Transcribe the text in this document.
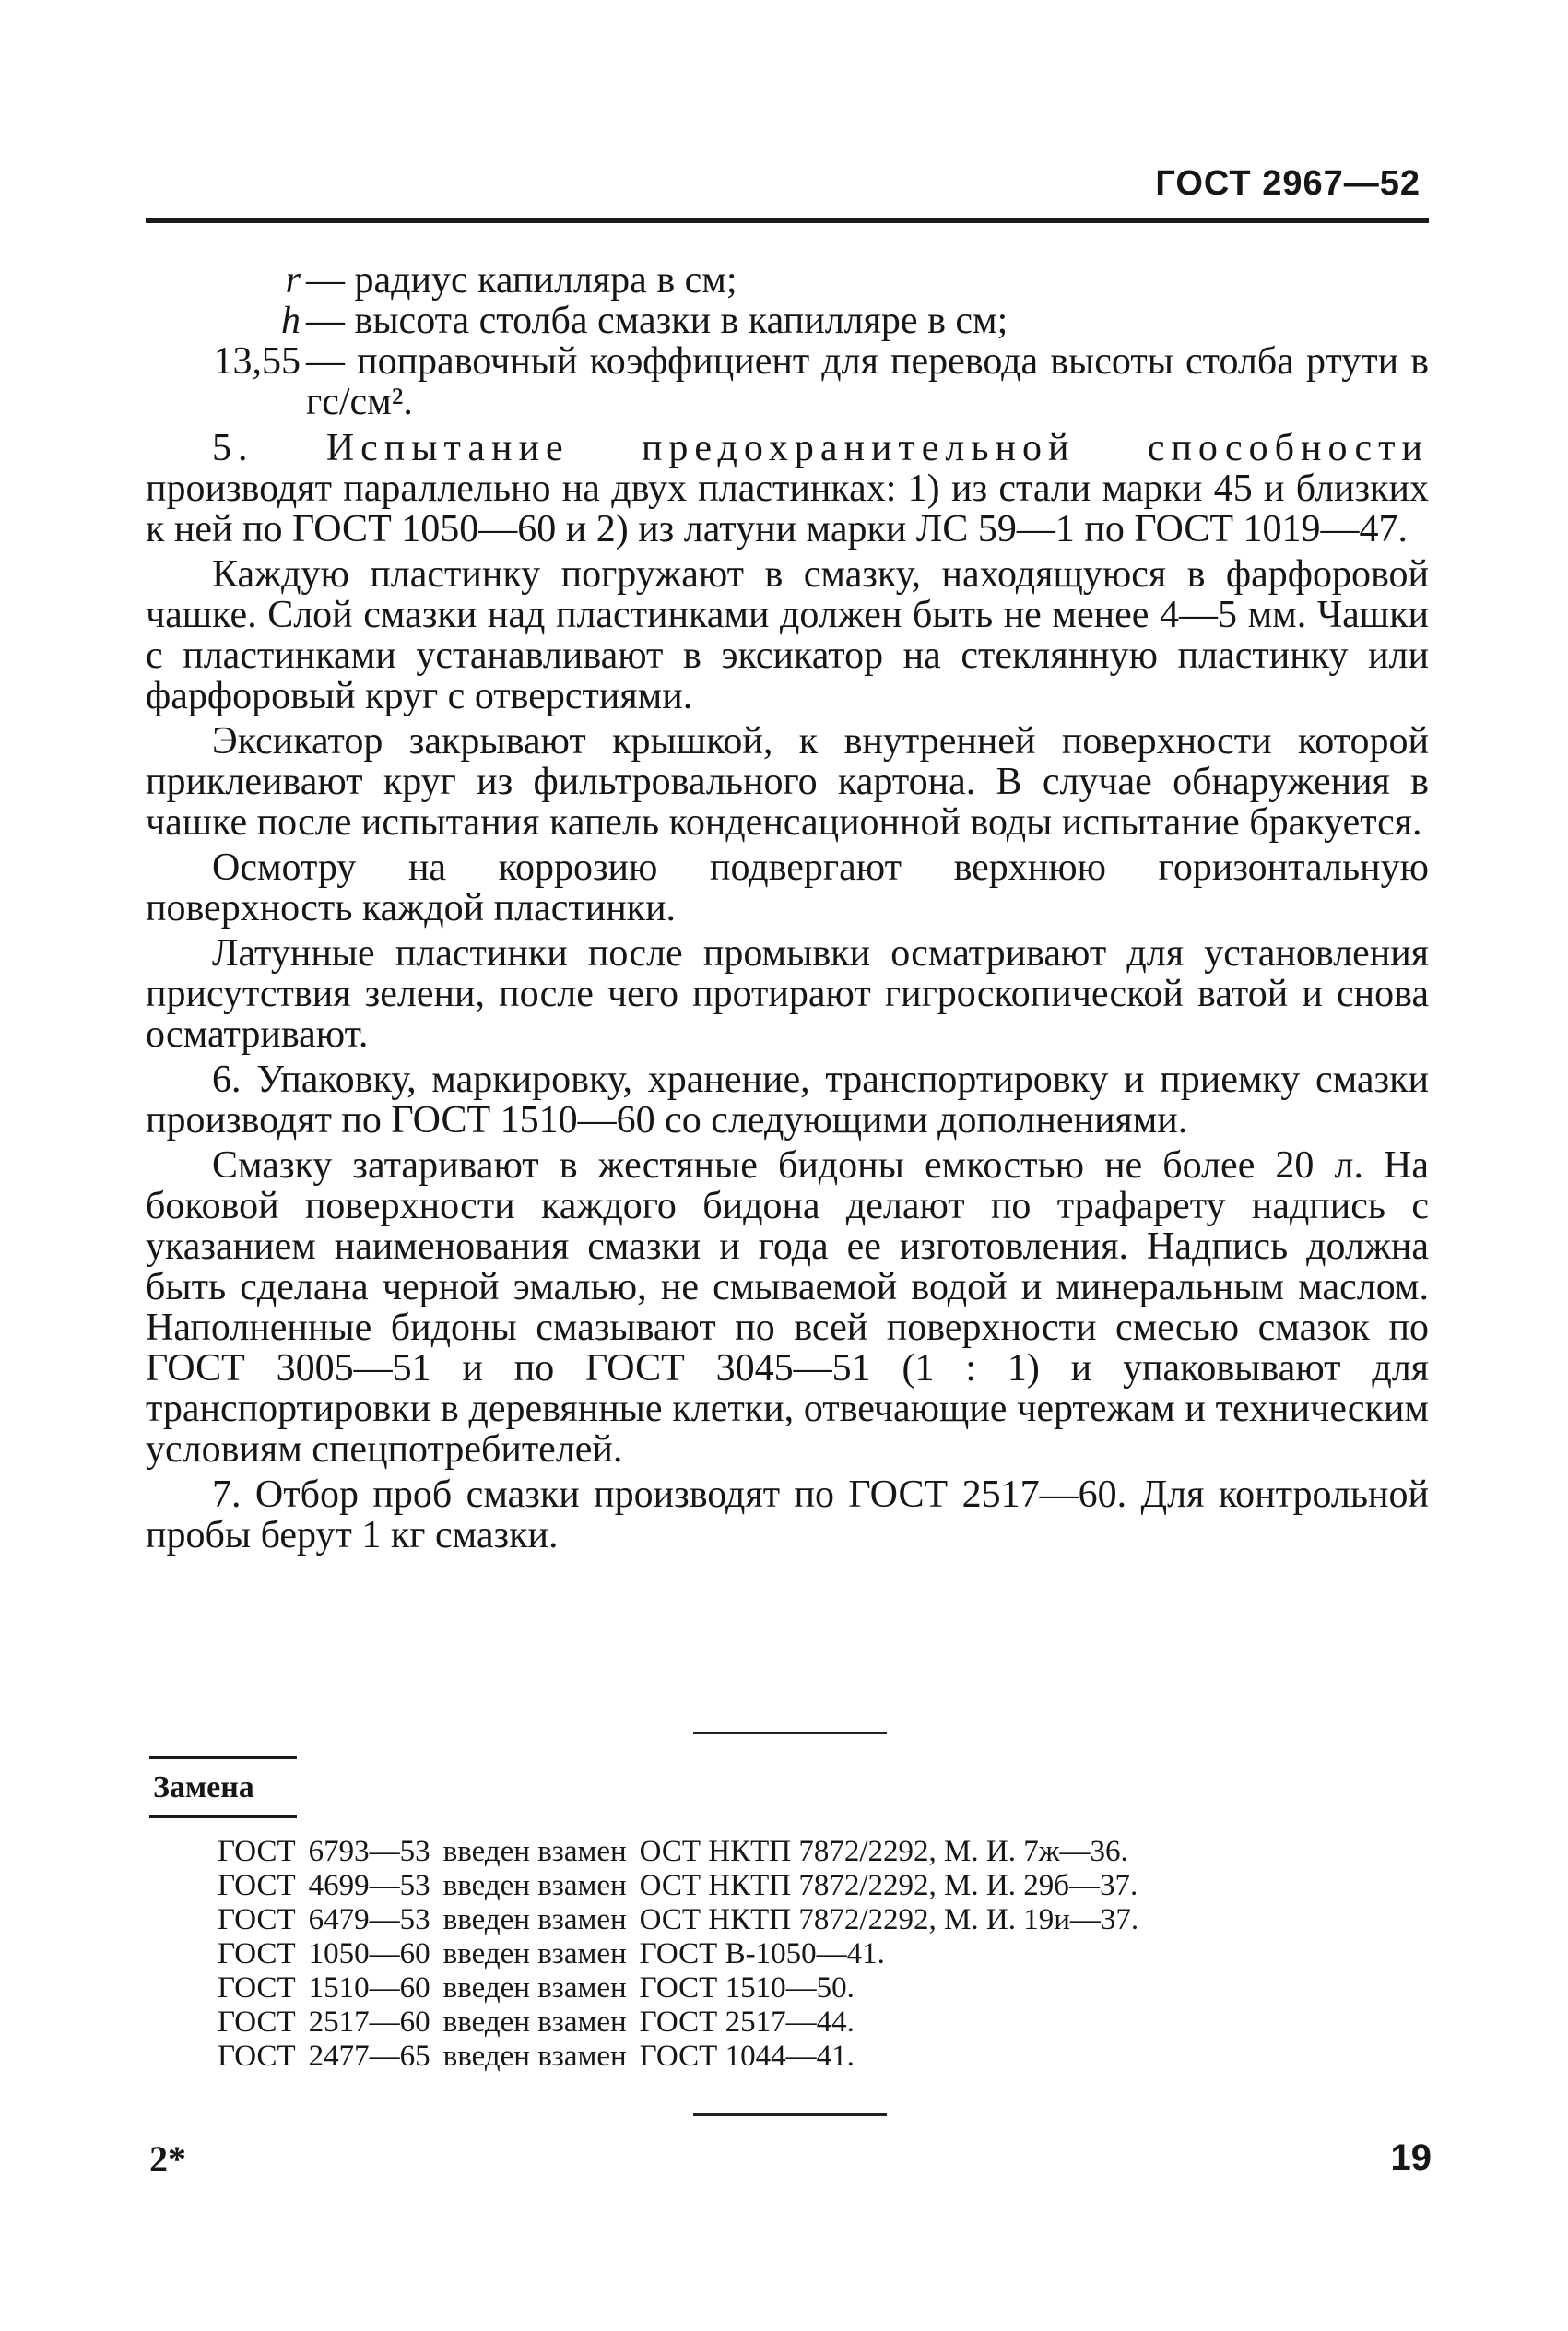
ГОСТ 2967—52
r — радиус капилляра в см;
h — высота столба смазки в капилляре в см;
13,55 — поправочный коэффициент для перевода высоты столба ртути в гс/см².

5. Испытание предохранительной способности производят параллельно на двух пластинках: 1) из стали марки 45 и близких к ней по ГОСТ 1050—60 и 2) из латуни марки ЛС 59—1 по ГОСТ 1019—47.

Каждую пластинку погружают в смазку, находящуюся в фарфоровой чашке. Слой смазки над пластинками должен быть не менее 4—5 мм. Чашки с пластинками устанавливают в эксикатор на стеклянную пластинку или фарфоровый круг с отверстиями.

Эксикатор закрывают крышкой, к внутренней поверхности которой приклеивают круг из фильтровального картона. В случае обнаружения в чашке после испытания капель конденсационной воды испытание бракуется.

Осмотру на коррозию подвергают верхнюю горизонтальную поверхность каждой пластинки.

Латунные пластинки после промывки осматривают для установления присутствия зелени, после чего протирают гигроскопической ватой и снова осматривают.

6. Упаковку, маркировку, хранение, транспортировку и приемку смазки производят по ГОСТ 1510—60 со следующими дополнениями.

Смазку затаривают в жестяные бидоны емкостью не более 20 л. На боковой поверхности каждого бидона делают по трафарету надпись с указанием наименования смазки и года ее изготовления. Надпись должна быть сделана черной эмалью, не смываемой водой и минеральным маслом. Наполненные бидоны смазывают по всей поверхности смесью смазок по ГОСТ 3005—51 и по ГОСТ 3045—51 (1 : 1) и упаковывают для транспортировки в деревянные клетки, отвечающие чертежам и техническим условиям спецпотребителей.

7. Отбор проб смазки производят по ГОСТ 2517—60. Для контрольной пробы берут 1 кг смазки.

Замена
ГОСТ	6793—53	введен взамен	ОСТ НКТП 7872/2292, М. И. 7ж—36.
ГОСТ	4699—53	введен взамен	ОСТ НКТП 7872/2292, М. И. 29б—37.
ГОСТ	6479—53	введен взамен	ОСТ НКТП 7872/2292, М. И. 19и—37.
ГОСТ	1050—60	введен взамен	ГОСТ В-1050—41.
ГОСТ	1510—60	введен взамен	ГОСТ 1510—50.
ГОСТ	2517—60	введен взамен	ГОСТ 2517—44.
ГОСТ	2477—65	введен взамен	ГОСТ 1044—41.
2*	19
